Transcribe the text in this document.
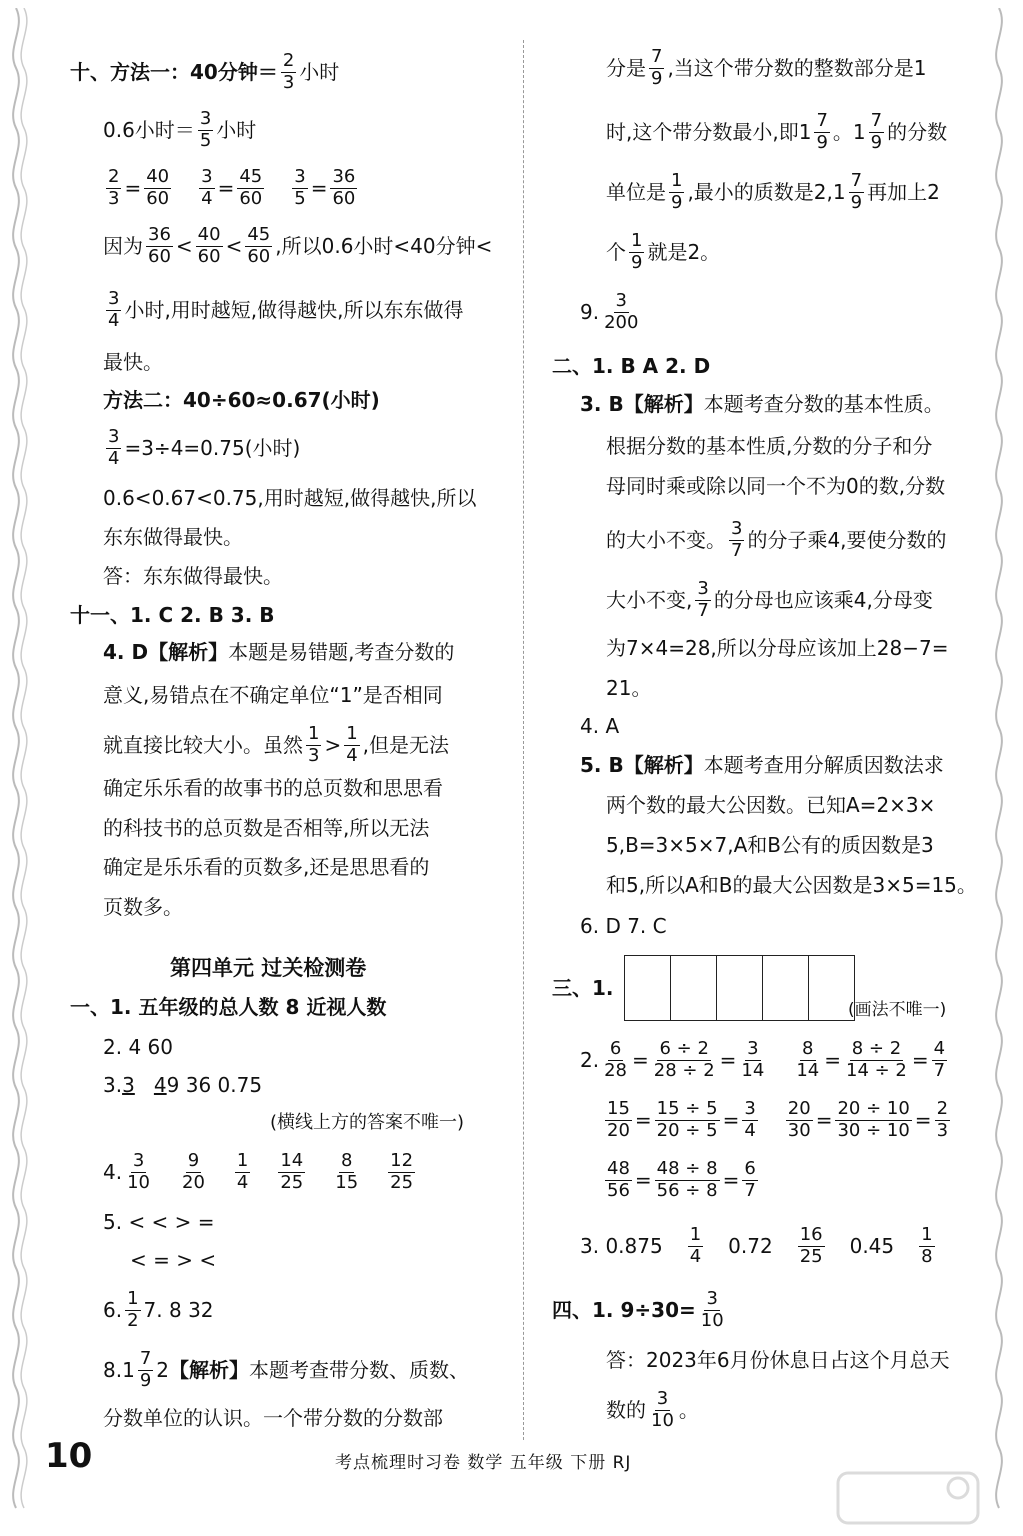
十、方法一：40分钟＝ $\frac{2}{3}$ 小时
0.6小时＝ $\frac{3}{5}$ 小时
$\frac{2}{3} = \frac{40}{60} \frac{3}{4} = \frac{45}{60} \frac{3}{5} = \frac{36}{60}$
因为 $\frac{36}{60} < \frac{40}{60} < \frac{45}{60}$ ,所以0.6小时<40分钟<
$\frac{3}{4}$ 小时,用时越短,做得越快,所以东东做得
最快。
方法二：40÷60≈0.67(小时)
$\frac{3}{4} =3\div 4=0.75$(小时)
0.6<0.67<0.75,用时越短,做得越快,所以
东东做得最快。
答：东东做得最快。
十一、1. C 2. B 3. B
4. D 【解析】 本题是易错题,考查分数的
意义,易错点在不确定单位“1”是否相同
就直接比较大小。虽然 $\frac{1}{3} > \frac{1}{4}$ ,但是无法
确定乐乐看的故事书的总页数和思思看
的科技书的总页数是否相等,所以无法
确定是乐乐看的页数多,还是思思看的
页数多。
第四单元 过关检测卷
一、1. 五年级的总人数 8 近视人数
2. 4 60
3. 3
4 9 36 0.75
(横线上方的答案不唯一)
4. $\frac{3}{10} \frac{9}{20} \frac{1}{4} \frac{14}{25} \frac{8}{15} \frac{12}{25}$
5. < < > =
< = > <
6. $\frac{1}{2} 7$. 8 32
8. $1 \frac{7}{9} 2$ 【解析】 本题考查带分数、质数、
分数单位的认识。一个带分数的分数部
分是 $\frac{7}{9}$ ,当这个带分数的整数部分是1
时,这个带分数最小,即 $1 \frac{7}{9}$ 。 $1 \frac{7}{9}$ 的分数
单位是 $\frac{1}{9}$ ,最小的质数是2, $1 \frac{7}{9}$ 再加上2
个 $\frac{1}{9}$ 就是2。
9. $\frac{3}{200}$
二、1. B A 2. D
3. B 【解析】 本题考查分数的基本性质。
根据分数的基本性质,分数的分子和分
母同时乘或除以同一个不为0的数,分数
的大小不变。 $\frac{3}{7}$ 的分子乘4,要使分数的
大小不变, $\frac{3}{7}$ 的分母也应该乘4,分母变
为7×4=28,所以分母应该加上28−7=
21。
4. A
5. B 【解析】 本题考查用分解质因数法求
两个数的最大公因数。已知A=2×3×
5,B=3×5×7,A和B公有的质因数是3
和5,所以A和B的最大公因数是3×5=15。
6. D 7. C
三、1.
(画法不唯一)
2. $\frac{6}{28} = \frac{6 \div 2}{28 \div 2} = \frac{3}{14} \frac{8}{14} = \frac{8 \div 2}{14 \div 2} = \frac{4}{7}$
$\frac{15}{20} = \frac{15 \div 5}{20 \div 5} = \frac{3}{4} \frac{20}{30} = \frac{20 \div 10}{30 \div 10} = \frac{2}{3}$
$\frac{48}{56} = \frac{48 \div 8}{56 \div 8} = \frac{6}{7}$
3. $0.875 \frac{1}{4} 0.72 \frac{16}{25} 0.45 \frac{1}{8}$
四、1. $9\div 30= \frac{3}{10}$
答：2023年6月份休息日占这个月总天
数的 $\frac{3}{10}$ 。
10	考点梳理时习卷 数学 五年级 下册 RJ
